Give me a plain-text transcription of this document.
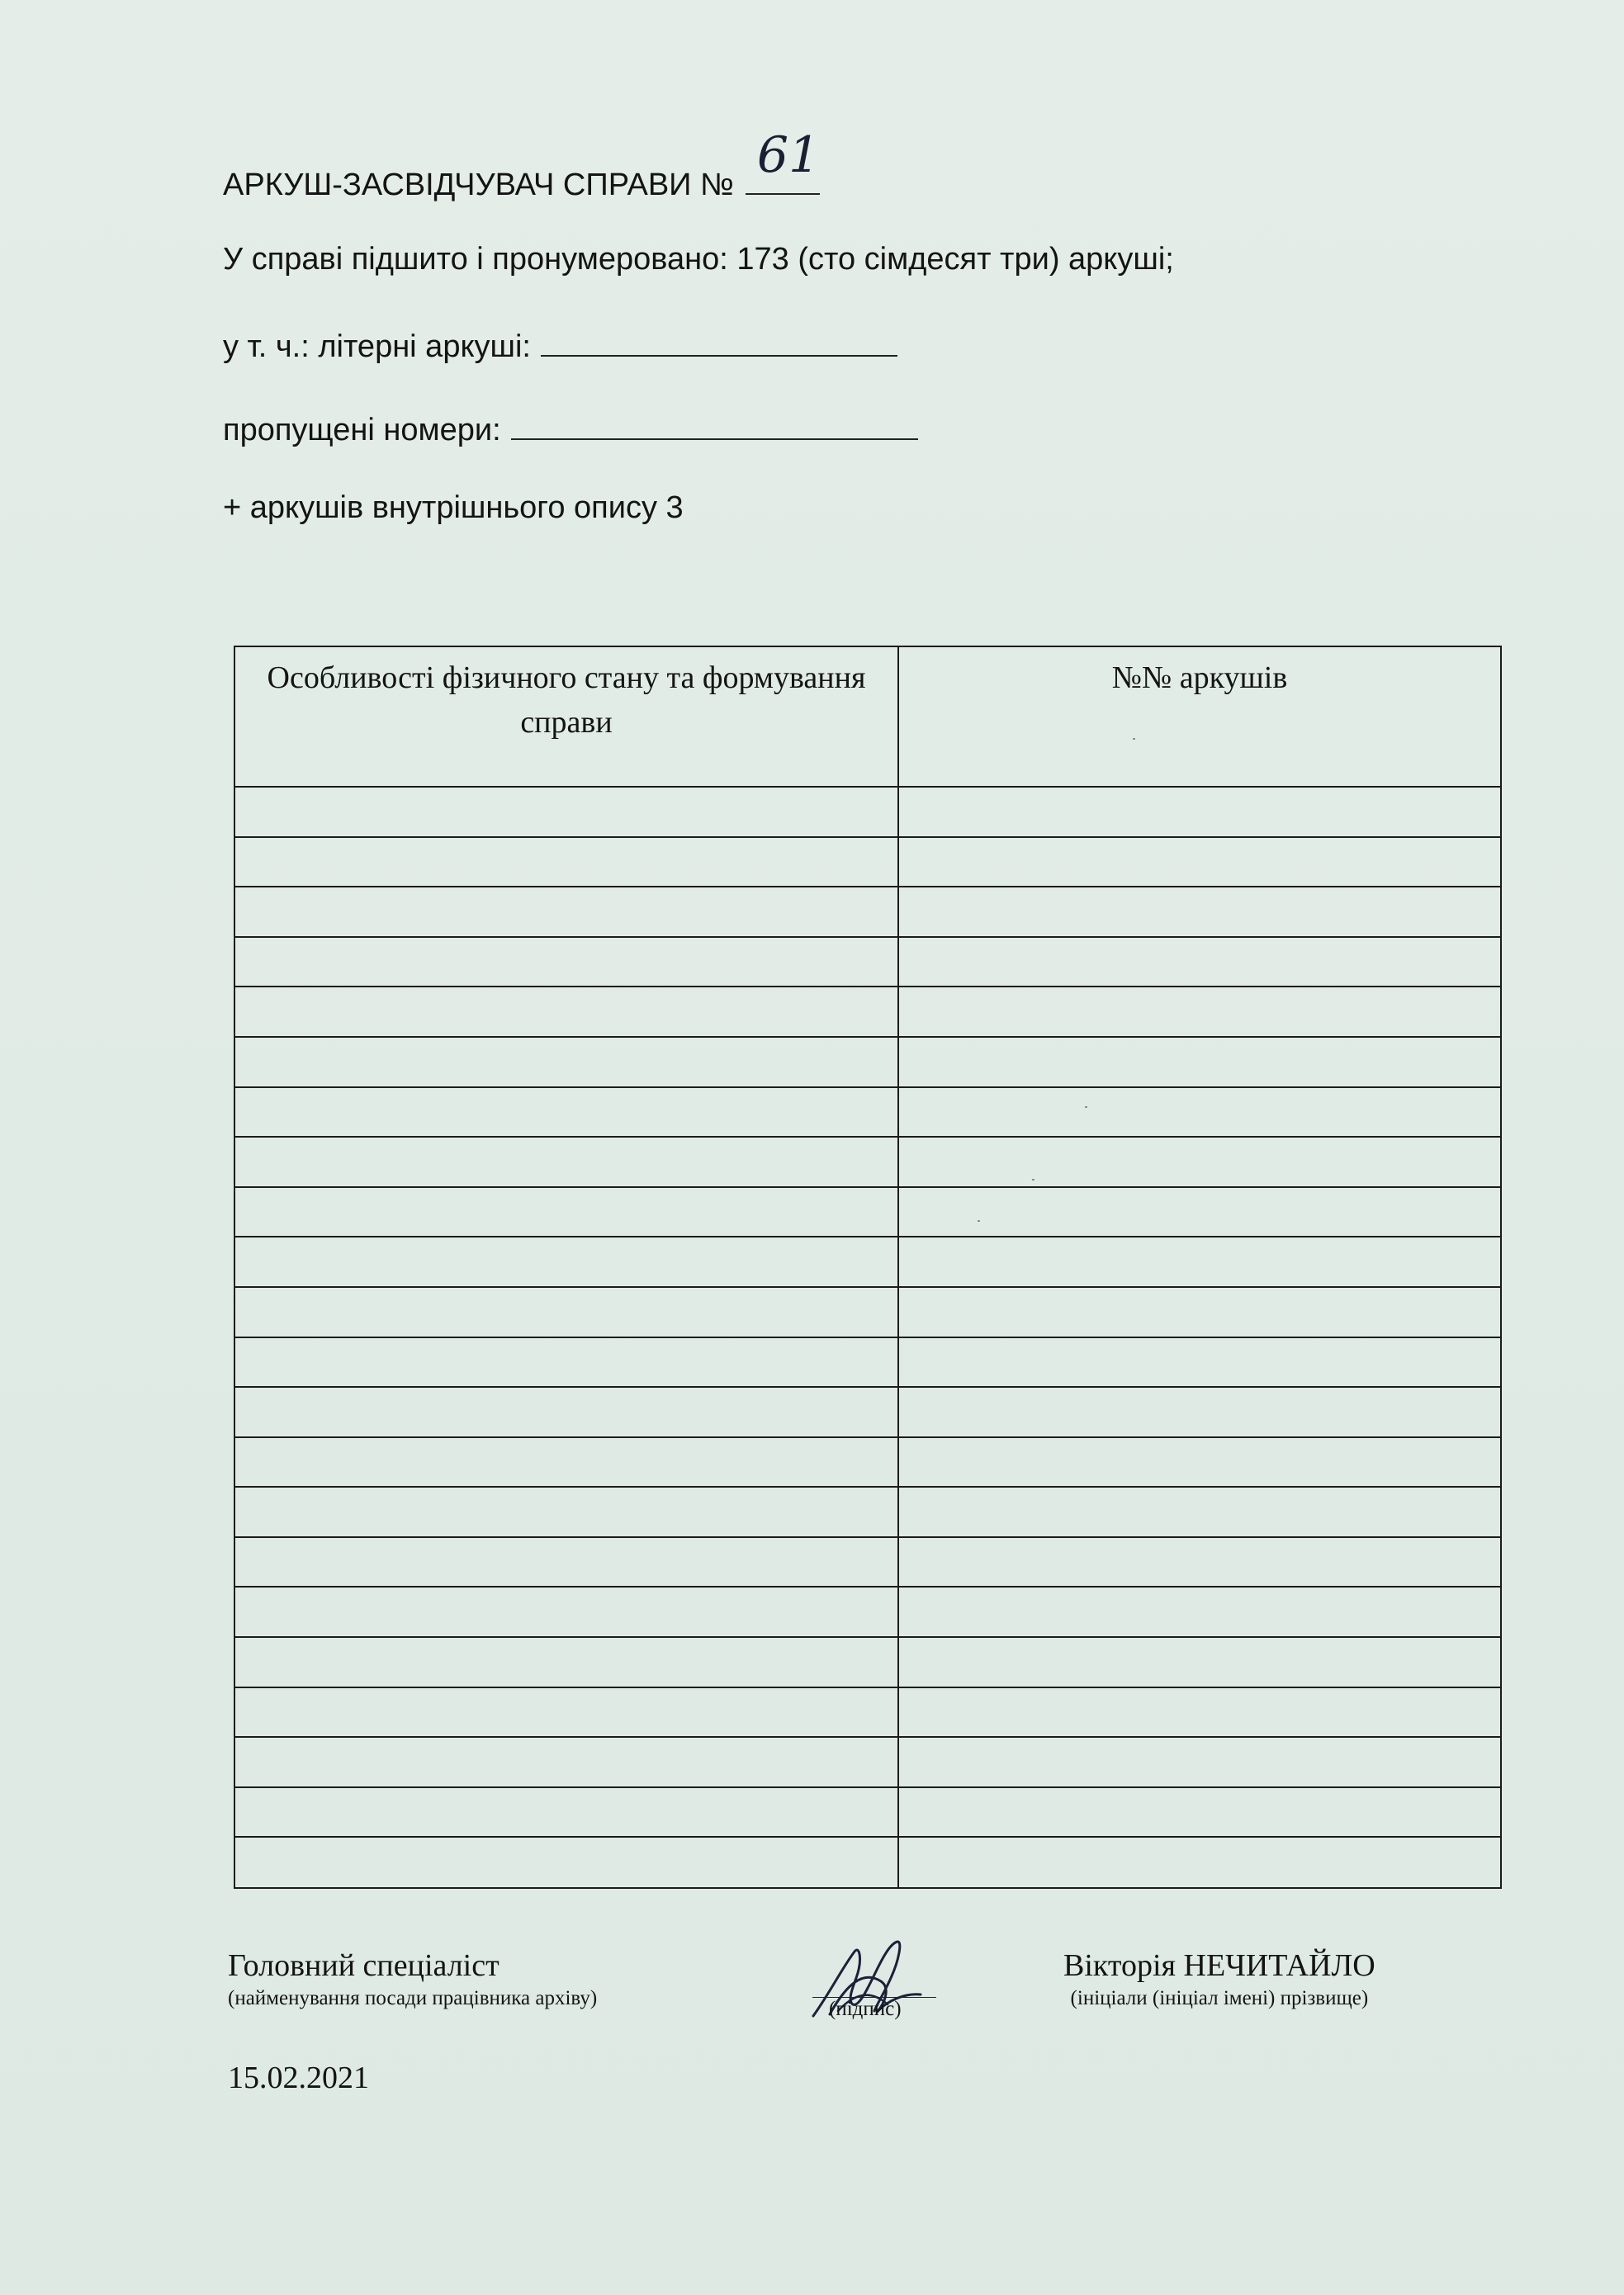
АРКУШ-ЗАСВІДЧУВАЧ СПРАВИ №
61
У справі підшито і пронумеровано: 173 (сто сімдесят три) аркуші;
у т. ч.: літерні аркуші:
пропущені номери:
+ аркушів внутрішнього опису 3
Особливості фізичного стану та формування справи
№№ аркушів
Головний спеціаліст
(найменування посади працівника архіву)	(підпис)
Вікторія НЕЧИТАЙЛО
(ініціали (ініціал імені) прізвище)
15.02.2021
